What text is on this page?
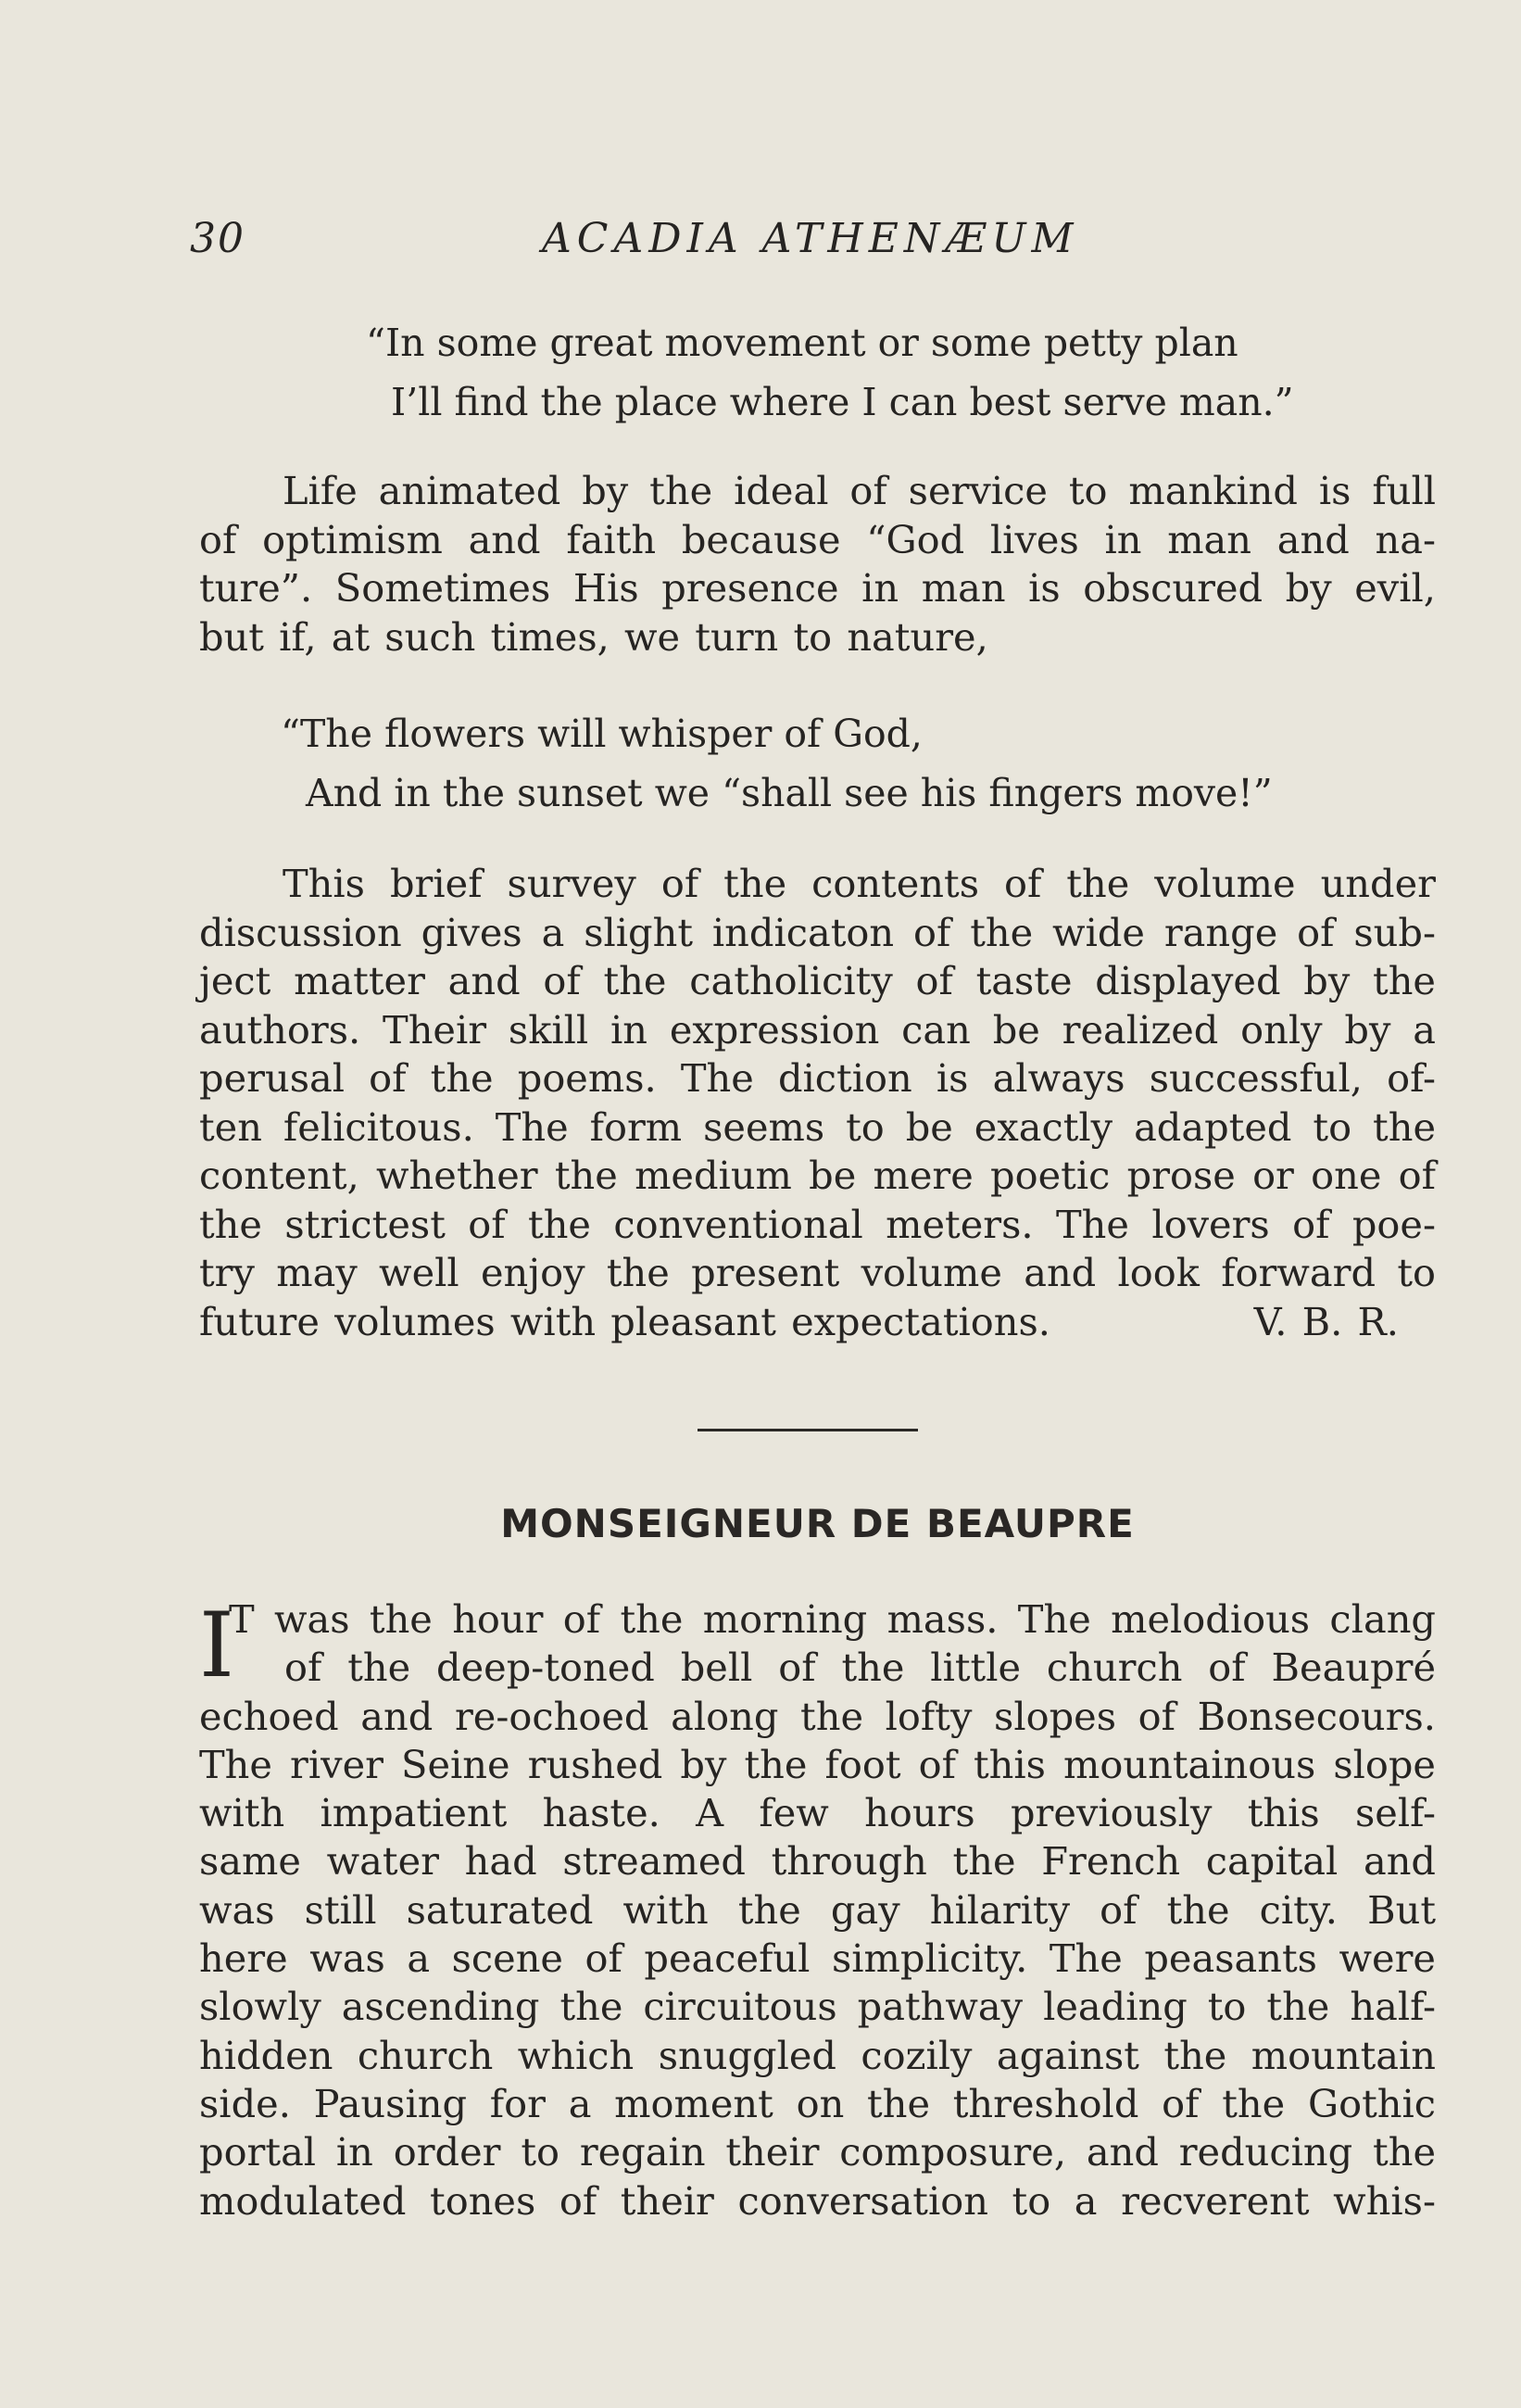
30	ACADIA ATHENÆUM
“In some great movement or some petty plan
I’ll find the place where I can best serve man.”
Life animated by the ideal of service to mankind is full
of optimism and faith because “God lives in man and na-
ture”. Sometimes His presence in man is obscured by evil,
but if, at such times, we turn to nature,
“The flowers will whisper of God,
And in the sunset we “shall see his fingers move!”
This brief survey of the contents of the volume under
discussion gives a slight indicaton of the wide range of sub-
ject matter and of the catholicity of taste displayed by the
authors. Their skill in expression can be realized only by a
perusal of the poems. The diction is always successful, of-
ten felicitous. The form seems to be exactly adapted to the
content, whether the medium be mere poetic prose or one of
the strictest of the conventional meters. The lovers of poe-
try may well enjoy the present volume and look forward to
future volumes with pleasant expectations.	V. B. R.
MONSEIGNEUR DE BEAUPRE
I
T was the hour of the morning mass. The melodious clang
of the deep-toned bell of the little church of Beaupré
echoed and re-ochoed along the lofty slopes of Bonsecours.
The river Seine rushed by the foot of this mountainous slope
with impatient haste. A few hours previously this self-
same water had streamed through the French capital and
was still saturated with the gay hilarity of the city. But
here was a scene of peaceful simplicity. The peasants were
slowly ascending the circuitous pathway leading to the half-
hidden church which snuggled cozily against the mountain
side. Pausing for a moment on the threshold of the Gothic
portal in order to regain their composure, and reducing the
modulated tones of their conversation to a recverent whis-
